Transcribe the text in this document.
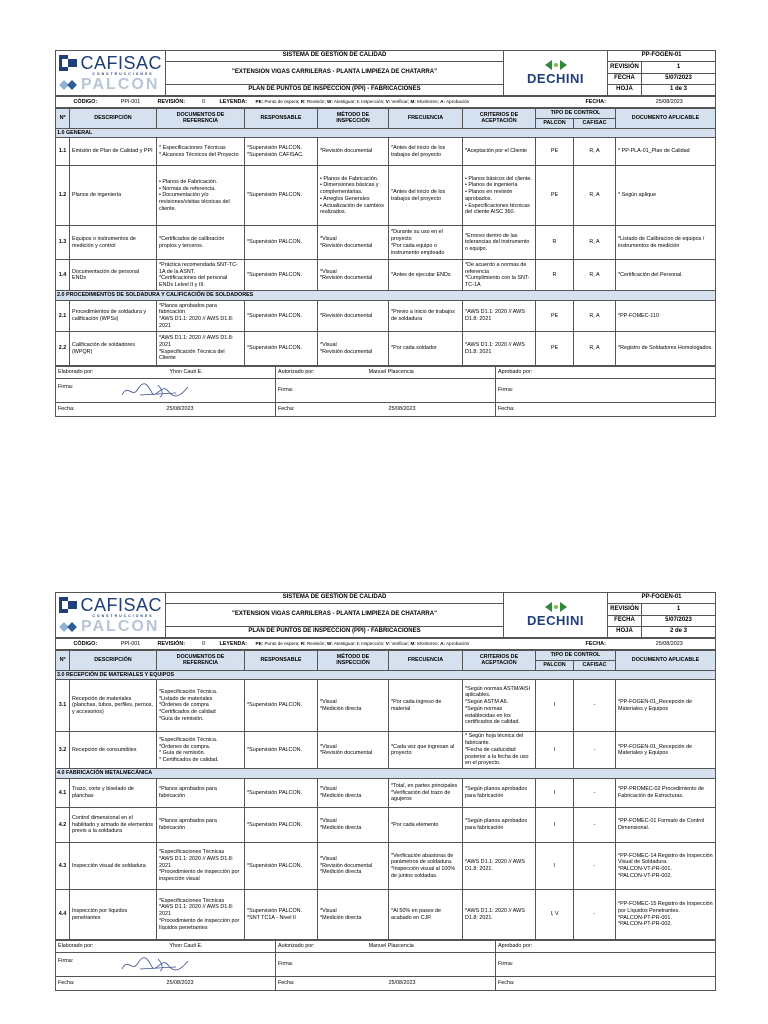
CAFISAC
CONSTRUCCIONES
PALCON	SISTEMA DE GESTIÓN DE CALIDAD	DECHINI	PP-FOGEN-01	
	"EXTENSION VIGAS CARRILERAS - PLANTA LIMPIEZA DE CHATARRA"		REVISIÓN	1
			FECHA	5/07/2023
	PLAN DE PUNTOS DE INSPECCIÓN (PPI) - FABRICACIONES		HOJA	1 de 3
	CÓDIGO:	PPI-001	REVISIÓN:	0	LEYENDA:	PE: Punto de espera; R: Revisión; W: Atestiguar; I: Inspección; V: Verificar; M: Monitoreo; A: Aprobación	FECHA:	25/08/2023
Nº	DESCRIPCIÓN	DOCUMENTOS DE REFERENCIA	RESPONSABLE	MÉTODO DE INSPECCIÓN	FRECUENCIA	CRITERIOS DE ACEPTACIÓN	TIPO DE CONTROL		DOCUMENTO APLICABLE
							PALCON	CAFISAC	
1.0 GENERAL									
1.1	Emisión de Plan de Calidad y PPI	* Especificaciones Técnicas
* Alcances Técnicos del Proyecto	*Supervisión PALCON.
*Supervisión CAFISAC.	*Revisión documental	*Antes del inicio de los trabajos del proyecto	*Aceptación por el Cliente	PE	R, A	* PP-PLA-01_Plan de Calidad
1.2	Planos de ingeniería	• Planos de Fabricación.
• Normas de referencia.
• Documentación y/o revisiones/visitas técnicas del cliente.	*Supervisión PALCON.	• Planos de Fabricación.
• Dimensiones básicas y complementarias.
• Arreglos Generales
• Actualización de cambios realizados.	*Antes del inicio de los trabajos del proyecto	• Planos básicos del cliente.
• Planos de ingeniería
• Planos en revisión aprobados.
• Especificaciones técnicas del cliente AISC 360.	PE	R, A	* Según aplique
1.3	Equipos o instrumentos de medición y control	*Certificados de calibración propios y terceros.	*Supervisión PALCON.	*Visual
*Revisión documental	*Durante su uso en el proyecto
*Por cada equipo o instrumento empleado	*Errores dentro de las tolerancias del instrumento o equipo.	R	R, A	*Listado de Calibracion de equipos / instrumentos de medición
1.4	Documentación de personal ENDs	*Práctica recomendada SNT-TC-1A de la ASNT.
*Certificaciones del personal ENDs Lelvel II y III.	*Supervisión PALCON.	*Visual
*Revisión documental	*Antes de ejecutar ENDs	*De acuerdo a normas de referencia
*Cumplimiento con la SNT-TC-1A	R	R, A	*Certificación del Personal.
2.0 PROCEDIMIENTOS DE SOLDADURA Y CALIFICACIÓN DE SOLDADORES									
2.1	Procedimientos de soldadura y calificación (WPSs)	*Planos aprobados para fabricación
*AWS D1.1: 2020 // AWS D1.8: 2021	*Supervisión PALCON.	*Revisión documental	*Previo a inicio de trabajos de soldadura	*AWS D1.1: 2020 // AWS D1.8: 2021	PE	R, A	*PP-FOMEC-110
2.2	Calificación de soldadores (WPQR)	*AWS D1.1: 2020 // AWS D1.8: 2021
*Especificación Técnica del Cliente	*Supervisión PALCON.	*Visual
*Revisión documental	*Por cada soldador	*AWS D1.1: 2020 // AWS D1.8: 2021	PE	R, A	*Registro de Soldadores Homologados.
Elaborado por: Yhon Cauti E.	Autorizado por: Manuel Plascencia	Aprobado por:

Firma:	Firma:	Firma:
Fecha: 25/08/2023	Fecha: 25/08/2023	Fecha:
CAFISAC
CONSTRUCCIONES
PALCON	SISTEMA DE GESTIÓN DE CALIDAD	DECHINI	PP-FOGEN-01	
	"EXTENSION VIGAS CARRILERAS - PLANTA LIMPIEZA DE CHATARRA"		REVISIÓN	1
			FECHA	5/07/2023
	PLAN DE PUNTOS DE INSPECCIÓN (PPI) - FABRICACIONES		HOJA	2 de 3
	CÓDIGO:	PPI-001	REVISIÓN:	0	LEYENDA:	PE: Punto de espera; R: Revisión; W: Atestiguar; I: Inspección; V: Verificar; M: Monitoreo; A: Aprobación	FECHA:	25/08/2023
Nº	DESCRIPCIÓN	DOCUMENTOS DE REFERENCIA	RESPONSABLE	MÉTODO DE INSPECCIÓN	FRECUENCIA	CRITERIOS DE ACEPTACIÓN	TIPO DE CONTROL		DOCUMENTO APLICABLE
							PALCON	CAFISAC	
3.0 RECEPCIÓN DE MATERIALES Y EQUIPOS									
3.1	Recepción de materiales (planchas, tubos, perfiles, pernos, y accesorios)	*Especificación Técnica.
*Listado de materiales
*Órdenes de compra
*Certificados de calidad
*Guía de remisión.	*Supervisión PALCON.	*Visual
*Medición directa	*Por cada ingreso de material	*Según normas ASTM/AISI aplicables.
*Según ASTM A6.
*Según normas establecidas en los certificados de calidad.	I	-	*PP-FOGEN-01_Recepción de Materiales y Equipos
3.2	Recepción de consumibles	*Especificación Técnica.
*Órdenes de compra.
* Guía de remisión.
* Certificados de calidad.	*Supervisión PALCON.	*Visual
*Revisión documental	*Cada vez que ingresan al proyecto	* Según hoja técnica del fabricante.
*Fecha de caducidad posterior a la fecha de uso en el proyecto.	I	-	*PP-FOGEN-01_Recepción de Materiales y Equipos
4.0 FABRICACIÓN METALMECÁNICA									
4.1	Trazo, corte y biselado de planchas	*Planos aprobados para fabricación	*Supervisión PALCON.	*Visual
*Medición directa	*Total, en partes principales
*Verificación del trazo de agujeros	*Según planos aprobados para fabricación	I	-	*PP-PROMEC-02 Procedimiento de Fabricación de Estructuras.
4.2	Control dimensional en el habilitado y armado de elementos previo a la soldadura	*Planos aprobados para fabricación	*Supervisión PALCON.	*Visual
*Medición directa	*Por cada elemento	*Según planos aprobados para fabricación	I	-	*PP-FOMEC-01 Formato de Control Dimensional.
4.3	Inspección visual de soldadura	*Especificaciones Técnicas
*AWS D1.1: 2020 // AWS D1.8: 2021
*Procedimiento de inspección por inspección visual	*Supervisión PALCON.	*Visual
*Revisión documental
*Medición directa	*Verificación abastoras de parámetros de soldadura.
*Inspección visual al 100% de juntos soldadas.	*AWS D1.1: 2020 // AWS D1.8: 2021.	I	-	*PP-FOMEC-14 Registro de Inspección Visual de Soldadura.
*PALCON-VT-PR-001.
*PALCON-VT-PR-002.
4.4	Inspección por líquidos penetrantes	*Especificaciones Técnicas
*AWS D1.1: 2020 // AWS D1.8: 2021
*Procedimiento de inspección por líquidos penetrantes	*Supervisión PALCON.
*SNT TC1A - Nivel II	*Visual
*Medición directa	*Al 50% en pases de acabado en CJP.	*AWS D1.1: 2020 // AWS D1.8: 2021.	I, V	-	*PP-FOMEC-15 Registro de Inspección por Líquidos Penetrantes.
*PALCON-PT-PR-001.
*PALCON-PT-PR-002.
Elaborado por: Yhon Cauti E.	Autorizado por: Manuel Plascencia	Aprobado por:

Firma:	Firma:	Firma:
Fecha: 25/08/2023	Fecha: 25/08/2023	Fecha:
